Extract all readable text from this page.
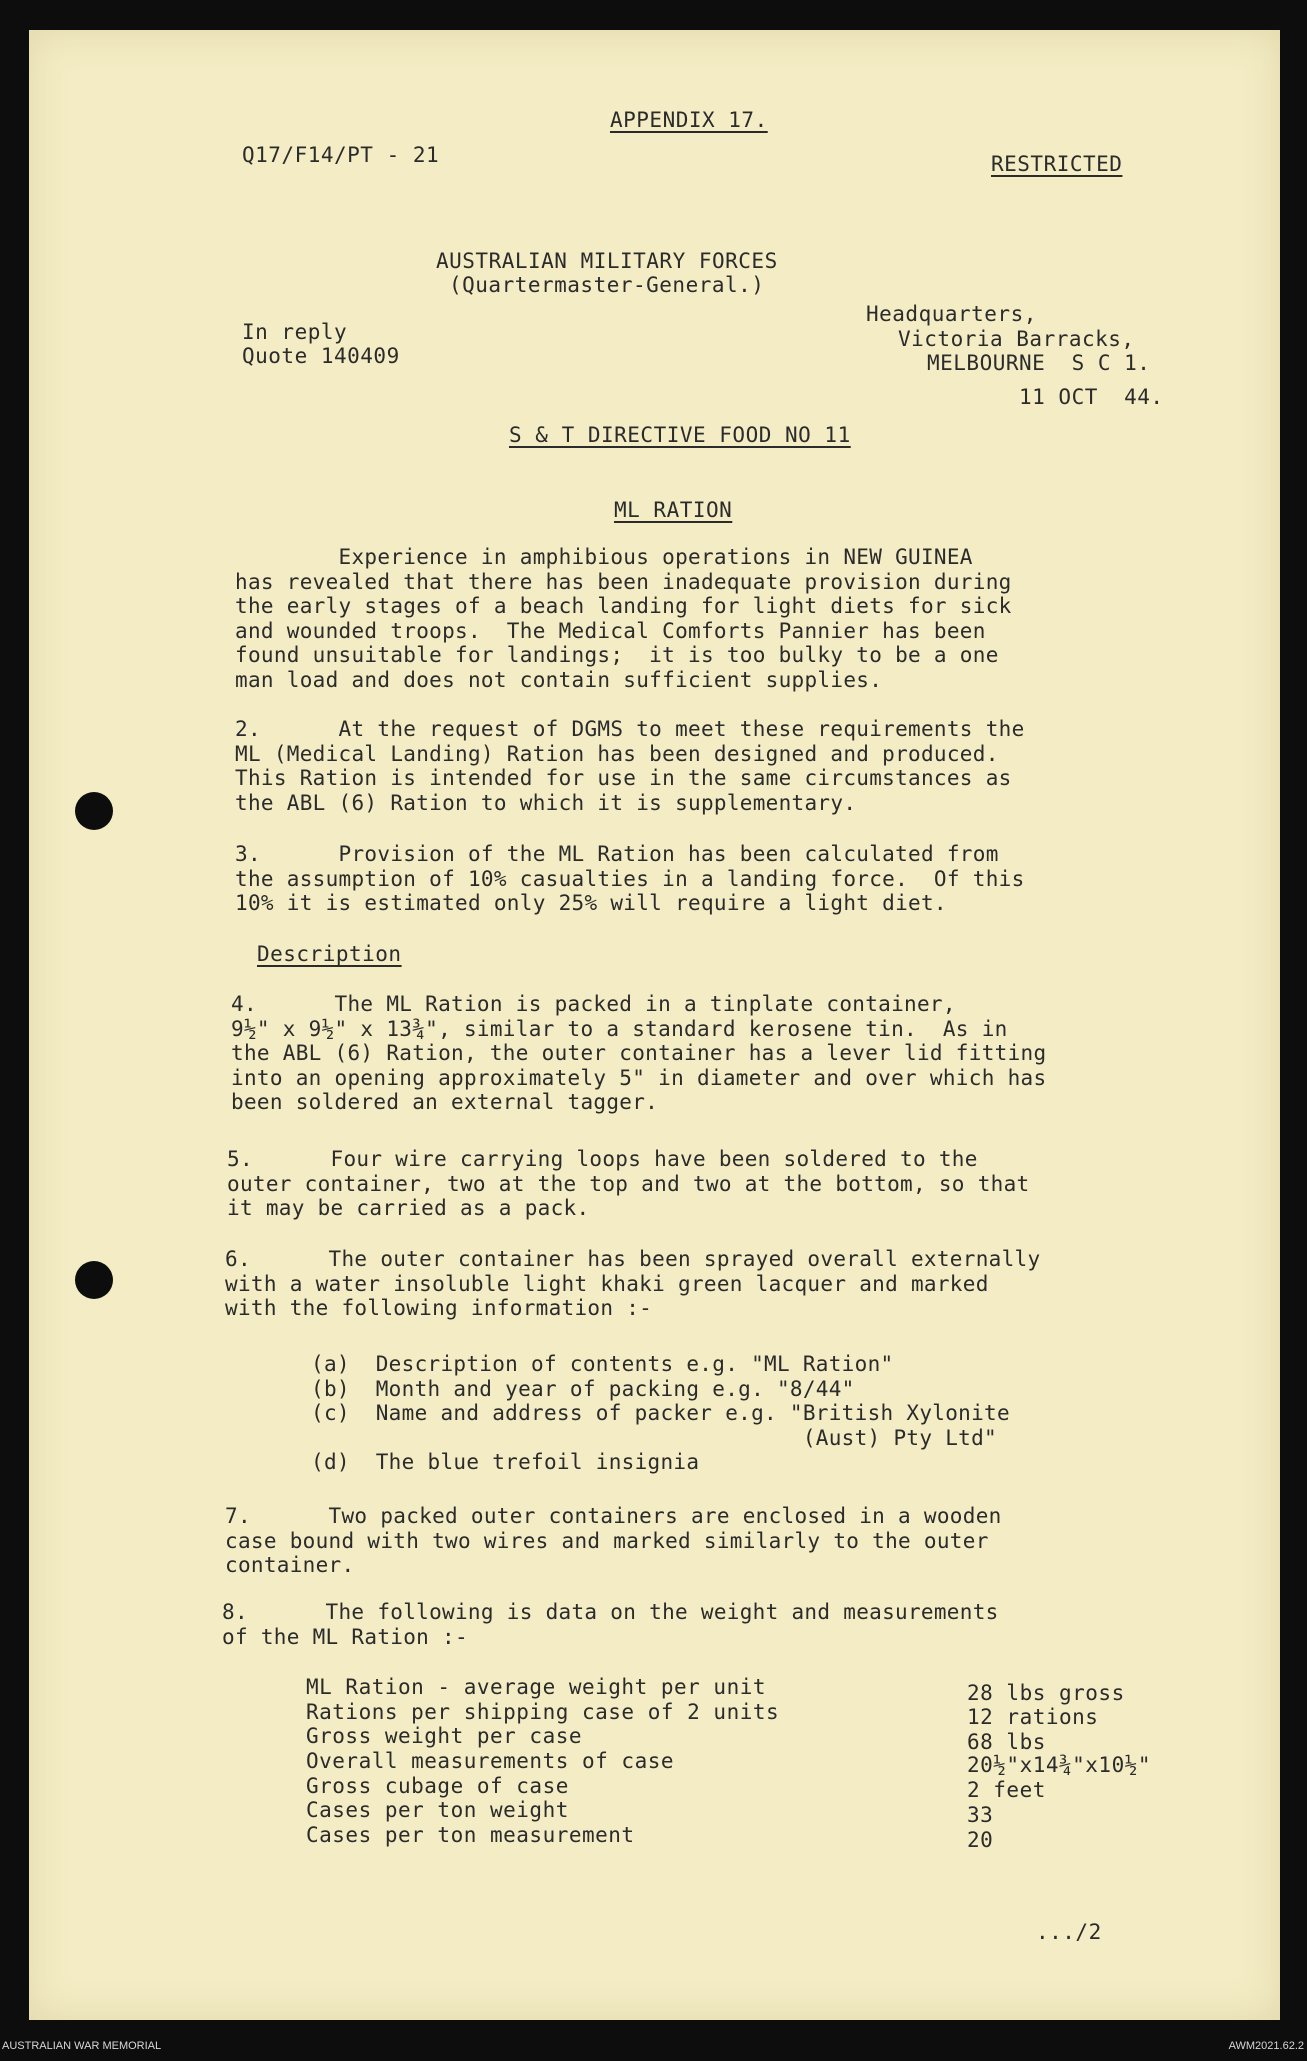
APPENDIX 17.
Q17/F14/PT - 21	RESTRICTED
AUSTRALIAN MILITARY FORCES
(Quartermaster-General.)
In reply
Quote 140409
Headquarters,
Victoria Barracks,
MELBOURNE  S C 1.
11 OCT  44.
S & T DIRECTIVE FOOD NO 11
ML RATION
Experience in amphibious operations in NEW GUINEA
has revealed that there has been inadequate provision during
the early stages of a beach landing for light diets for sick
and wounded troops.  The Medical Comforts Pannier has been
found unsuitable for landings;  it is too bulky to be a one
man load and does not contain sufficient supplies.
2.      At the request of DGMS to meet these requirements the
ML (Medical Landing) Ration has been designed and produced.
This Ration is intended for use in the same circumstances as
the ABL (6) Ration to which it is supplementary.
3.      Provision of the ML Ration has been calculated from
the assumption of 10% casualties in a landing force.  Of this
10% it is estimated only 25% will require a light diet.
Description
4.      The ML Ration is packed in a tinplate container,
9½" x 9½" x 13¾", similar to a standard kerosene tin.  As in
the ABL (6) Ration, the outer container has a lever lid fitting
into an opening approximately 5" in diameter and over which has
been soldered an external tagger.
5.      Four wire carrying loops have been soldered to the
outer container, two at the top and two at the bottom, so that
it may be carried as a pack.
6.      The outer container has been sprayed overall externally
with a water insoluble light khaki green lacquer and marked
with the following information :-
(a) Description of contents e.g. "ML Ration"
(b) Month and year of packing e.g. "8/44"
(c) Name and address of packer e.g. "British Xylonite
(Aust) Pty Ltd"
(d) The blue trefoil insignia
7.      Two packed outer containers are enclosed in a wooden
case bound with two wires and marked similarly to the outer
container.
8.      The following is data on the weight and measurements
of the ML Ration :-
ML Ration - average weight per unit	28 lbs gross
Rations per shipping case of 2 units	12 rations
Gross weight per case	68 lbs
Overall measurements of case	20½"x14¾"x10½"
Gross cubage of case	2 feet
Cases per ton weight	33
Cases per ton measurement	20
.../2
AUSTRALIAN WAR MEMORIAL	AWM2021.62.2
